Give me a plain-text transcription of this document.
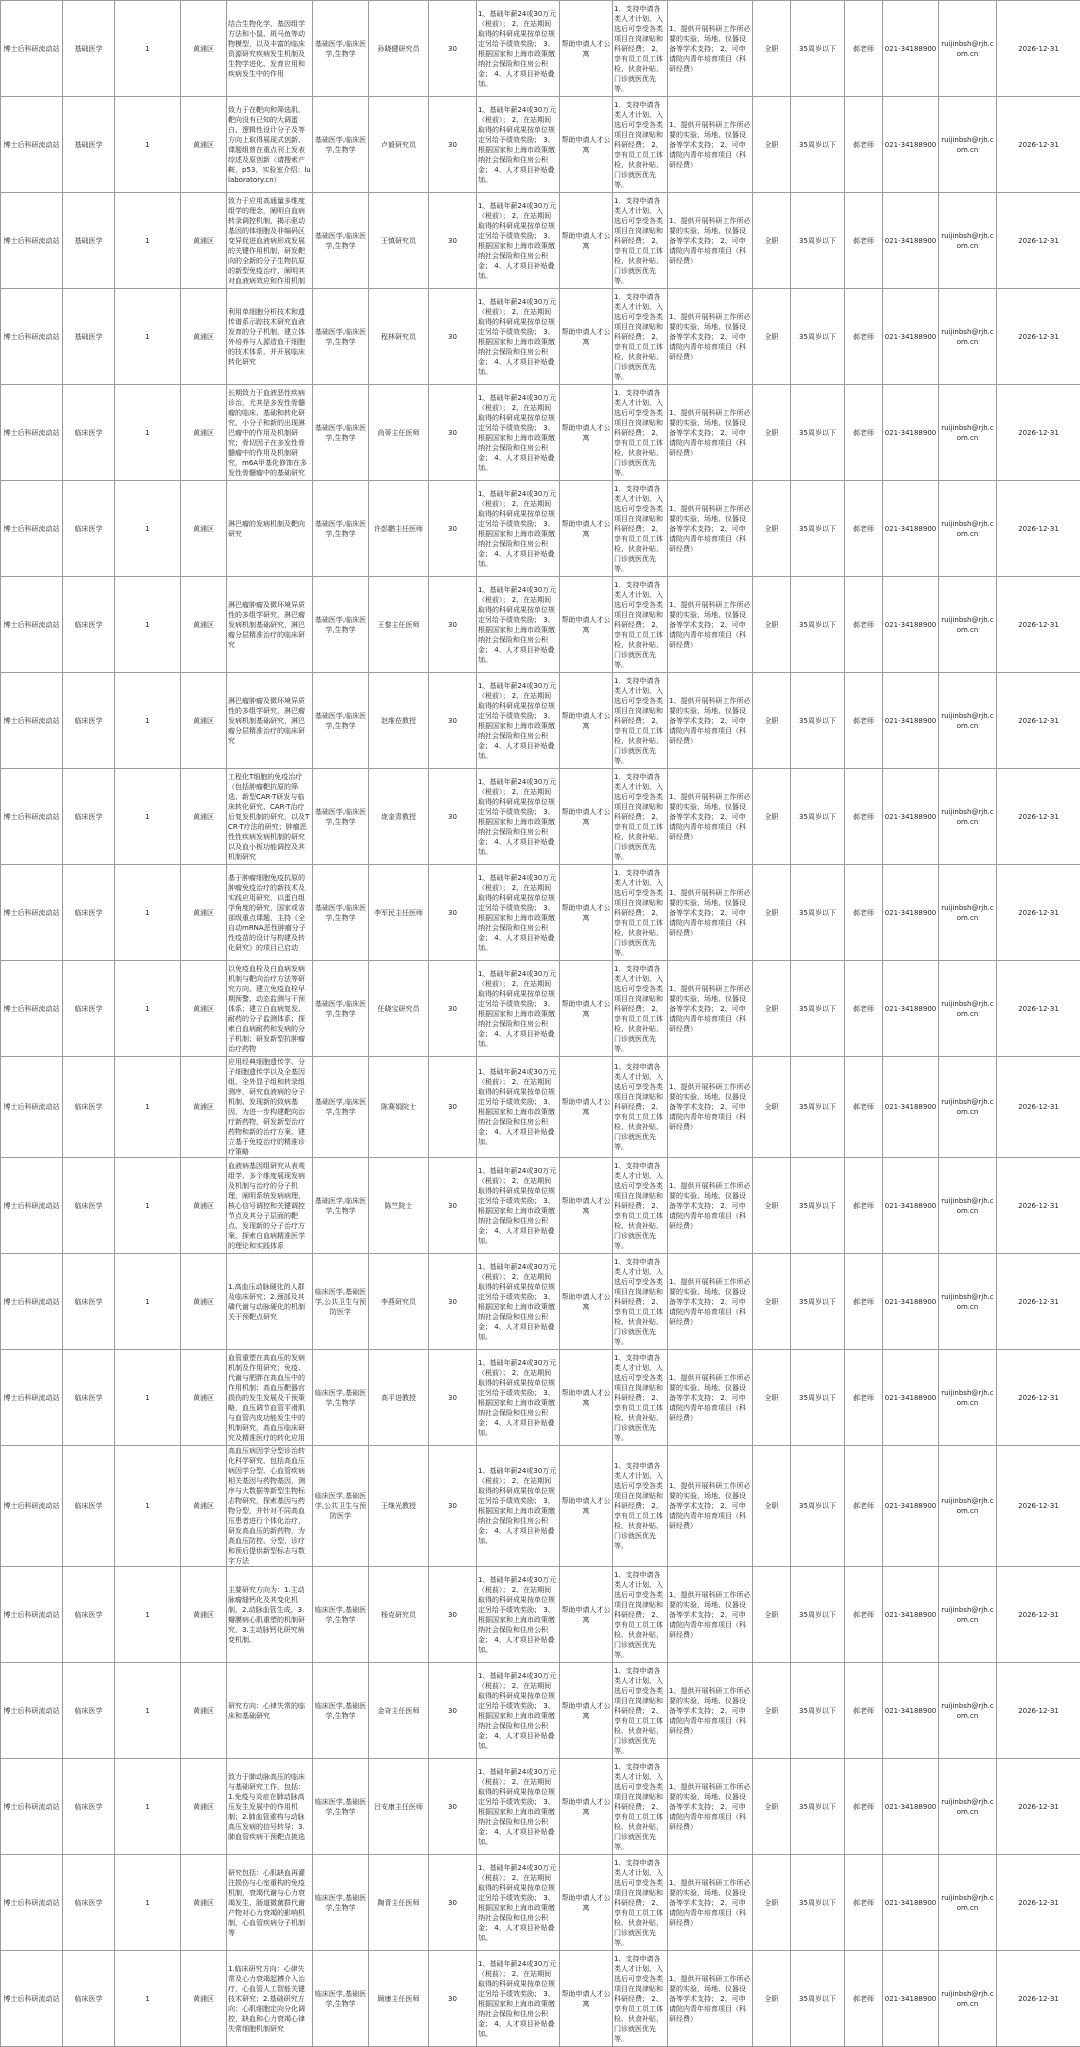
博士后科研流动站	基础医学	1	黄浦区	结合生物化学、基因组学方法和小鼠、斑马鱼等动物模型，以及丰富的临床资源研究疾病发生机制及生物学进化、发育应用和疾病发生中的作用	基础医学,临床医学,生物学	孙晓健研究员	30	1、基础年薪24或30万元（税前）； 2、在站期间取得的科研成果按单位规定另给予绩效奖励； 3、根据国家和上海市政策缴纳社会保险和住房公积金； 4、人才项目补贴叠加。	帮助申请人才公寓	1、支持申请各类人才计划、入选后可享受各类项目在岗津贴和科研经费； 2、享有员工员工体检、伙食补贴、门诊就医优先等。	1、提供开展科研工作所必要的实验、场地、仪器设备等学术支持； 2、可申请院内青年培育项目（科研经费）	全职	35周岁以下	郝老师	021-34188900	ruijinbsh@rjh.com.cn	2026-12-31
博士后科研流动站	基础医学	1	黄浦区	致力于在靶向和筛选肌、靶向没有已知的大调蛋白、逻辑性设计分子及等方向上取得展现式创新、课题组曾在重点刊上发表综述及原创新（请搜索产鞍，p53、实验室介绍：lulaboratory.cn）	基础医学,临床医学,生物学	卢毅研究员	30	1、基础年薪24或30万元（税前）； 2、在站期间取得的科研成果按单位规定另给予绩效奖励； 3、根据国家和上海市政策缴纳社会保险和住房公积金； 4、人才项目补贴叠加。	帮助申请人才公寓	1、支持申请各类人才计划、入选后可享受各类项目在岗津贴和科研经费； 2、享有员工员工体检、伙食补贴、门诊就医优先等。	1、提供开展科研工作所必要的实验、场地、仪器设备等学术支持； 2、可申请院内青年培育项目（科研经费）	全职	35周岁以下	郝老师	021-34188900	ruijinbsh@rjh.com.cn	2026-12-31
博士后科研流动站	基础医学	1	黄浦区	致力于应用高通量多维度组学的理念，阐明自血病转录调控机制、揭示驱动基因的体细胞及非编码区变异促进血液病形成发展的关键作用机制、研发靶向的全新的分子生物抗原的新型免疫治疗、阐明其对血液病效应和作用机制	基础医学,临床医学,生物学	王慎研究员	30	1、基础年薪24或30万元（税前）； 2、在站期间取得的科研成果按单位规定另给予绩效奖励； 3、根据国家和上海市政策缴纳社会保险和住房公积金； 4、人才项目补贴叠加。	帮助申请人才公寓	1、支持申请各类人才计划、入选后可享受各类项目在岗津贴和科研经费； 2、享有员工员工体检、伙食补贴、门诊就医优先等。	1、提供开展科研工作所必要的实验、场地、仪器设备等学术支持； 2、可申请院内青年培育项目（科研经费）	全职	35周岁以下	郝老师	021-34188900	ruijinbsh@rjh.com.cn	2026-12-31
博士后科研流动站	基础医学	1	黄浦区	利用单细胞分析技术和遗传谱系示踪技术研究血液发育的分子机制，建立体外培养与人源造血干细胞的技术体系，并开展临床转化研究	基础医学,临床医学,生物学	程林研究员	30	1、基础年薪24或30万元（税前）； 2、在站期间取得的科研成果按单位规定另给予绩效奖励； 3、根据国家和上海市政策缴纳社会保险和住房公积金； 4、人才项目补贴叠加。	帮助申请人才公寓	1、支持申请各类人才计划、入选后可享受各类项目在岗津贴和科研经费； 2、享有员工员工体检、伙食补贴、门诊就医优先等。	1、提供开展科研工作所必要的实验、场地、仪器设备等学术支持； 2、可申请院内青年培育项目（科研经费）	全职	35周岁以下	郝老师	021-34188900	ruijinbsh@rjh.com.cn	2026-12-31
博士后科研流动站	临床医学	1	黄浦区	长期致力于血液恶性疾病诊治，尤其是多发性骨髓瘤的临床、基础和转化研究，小分子和新的出现淋巴瘤中的作用及机制研究；骨切因子在多发性骨髓瘤中的作用及机制研究，m6A甲基化修饰在多发性骨髓瘤中的基础研究	基础医学,临床医学,生物学	尚蒂主任医师	30	1、基础年薪24或30万元（税前）； 2、在站期间取得的科研成果按单位规定另给予绩效奖励； 3、根据国家和上海市政策缴纳社会保险和住房公积金； 4、人才项目补贴叠加。	帮助申请人才公寓	1、支持申请各类人才计划、入选后可享受各类项目在岗津贴和科研经费； 2、享有员工员工体检、伙食补贴、门诊就医优先等。	1、提供开展科研工作所必要的实验、场地、仪器设备等学术支持； 2、可申请院内青年培育项目（科研经费）	全职	35周岁以下	郝老师	021-34188900	ruijinbsh@rjh.com.cn	2026-12-31
博士后科研流动站	临床医学	1	黄浦区	淋巴瘤的发病机制及靶向研究	基础医学,临床医学,生物学	许彭鹏主任医师	30	1、基础年薪24或30万元（税前）； 2、在站期间取得的科研成果按单位规定另给予绩效奖励； 3、根据国家和上海市政策缴纳社会保险和住房公积金； 4、人才项目补贴叠加。	帮助申请人才公寓	1、支持申请各类人才计划、入选后可享受各类项目在岗津贴和科研经费； 2、享有员工员工体检、伙食补贴、门诊就医优先等。	1、提供开展科研工作所必要的实验、场地、仪器设备等学术支持； 2、可申请院内青年培育项目（科研经费）	全职	35周岁以下	郝老师	021-34188900	ruijinbsh@rjh.com.cn	2026-12-31
博士后科研流动站	临床医学	1	黄浦区	淋巴瘤肿瘤及微环境异质性的多组学研究，淋巴瘤发病机制基础研究，淋巴瘤分层精准治疗的临床研究	基础医学,临床医学,生物学	王黎主任医师	30	1、基础年薪24或30万元（税前）； 2、在站期间取得的科研成果按单位规定另给予绩效奖励； 3、根据国家和上海市政策缴纳社会保险和住房公积金； 4、人才项目补贴叠加。	帮助申请人才公寓	1、支持申请各类人才计划、入选后可享受各类项目在岗津贴和科研经费； 2、享有员工员工体检、伙食补贴、门诊就医优先等。	1、提供开展科研工作所必要的实验、场地、仪器设备等学术支持； 2、可申请院内青年培育项目（科研经费）	全职	35周岁以下	郝老师	021-34188900	ruijinbsh@rjh.com.cn	2026-12-31
博士后科研流动站	临床医学	1	黄浦区	淋巴瘤肿瘤及微环境异质性的多组学研究，淋巴瘤发病机制基础研究，淋巴瘤分层精准治疗的临床研究	基础医学,临床医学,生物学	赵维莅教授	30	1、基础年薪24或30万元（税前）； 2、在站期间取得的科研成果按单位规定另给予绩效奖励； 3、根据国家和上海市政策缴纳社会保险和住房公积金； 4、人才项目补贴叠加。	帮助申请人才公寓	1、支持申请各类人才计划、入选后可享受各类项目在岗津贴和科研经费； 2、享有员工员工体检、伙食补贴、门诊就医优先等。	1、提供开展科研工作所必要的实验、场地、仪器设备等学术支持； 2、可申请院内青年培育项目（科研经费）	全职	35周岁以下	郝老师	021-34188900	ruijinbsh@rjh.com.cn	2026-12-31
博士后科研流动站	临床医学	1	黄浦区	工程化T细胞的免疫治疗（包括肿瘤靶抗原的筛选、新型CAR-T研发与临床转化研究、CAR-T治疗后复发机制的研究，以及TCR-T疗法的研究；肿瘤恶性性疾病发病机制的研究以及血小板功能调控及其机制研究	基础医学,临床医学,生物学	庞奎青教授	30	1、基础年薪24或30万元（税前）； 2、在站期间取得的科研成果按单位规定另给予绩效奖励； 3、根据国家和上海市政策缴纳社会保险和住房公积金； 4、人才项目补贴叠加。	帮助申请人才公寓	1、支持申请各类人才计划、入选后可享受各类项目在岗津贴和科研经费； 2、享有员工员工体检、伙食补贴、门诊就医优先等。	1、提供开展科研工作所必要的实验、场地、仪器设备等学术支持； 2、可申请院内青年培育项目（科研经费）	全职	35周岁以下	郝老师	021-34188900	ruijinbsh@rjh.com.cn	2026-12-31
博士后科研流动站	临床医学	1	黄浦区	基于肿瘤细胞免疫抗原的肿瘤免疫治疗的新技术及实践应用研究，以蛋白组学角度的研究，国家或省部级重点课题，主持《全自动mRNA恶性肿瘤分子性疫苗的设计与构建及转化研究》的项目已启动	基础医学,临床医学,生物学	李军民主任医师	30	1、基础年薪24或30万元（税前）； 2、在站期间取得的科研成果按单位规定另给予绩效奖励； 3、根据国家和上海市政策缴纳社会保险和住房公积金； 4、人才项目补贴叠加。	帮助申请人才公寓	1、支持申请各类人才计划、入选后可享受各类项目在岗津贴和科研经费； 2、享有员工员工体检、伙食补贴、门诊就医优先等。	1、提供开展科研工作所必要的实验、场地、仪器设备等学术支持； 2、可申请院内青年培育项目（科研经费）	全职	35周岁以下	郝老师	021-34188900	ruijinbsh@rjh.com.cn	2026-12-31
博士后科研流动站	临床医学	1	黄浦区	以免疫血栓及白血病发病机制与靶向治疗方法等研究方向、建立免疫血栓早期预警、动态监测与干预体系；建立白血病复发、耐药的分子监测体系；探索白血病耐药和发病的分子机制；研发新型抗肿瘤治疗药物	基础医学,临床医学,生物学	任晓宝研究员	30	1、基础年薪24或30万元（税前）； 2、在站期间取得的科研成果按单位规定另给予绩效奖励； 3、根据国家和上海市政策缴纳社会保险和住房公积金； 4、人才项目补贴叠加。	帮助申请人才公寓	1、支持申请各类人才计划、入选后可享受各类项目在岗津贴和科研经费； 2、享有员工员工体检、伙食补贴、门诊就医优先等。	1、提供开展科研工作所必要的实验、场地、仪器设备等学术支持； 2、可申请院内青年培育项目（科研经费）	全职	35周岁以下	郝老师	021-34188900	ruijinbsh@rjh.com.cn	2026-12-31
博士后科研流动站	临床医学	1	黄浦区	应用经典细胞遗传学、分子细胞遗传学以及全基因组、全外显子组和转录组测序，研究血液病的分子机制、发现新的致病基因，为进一步构建靶向治疗新药物，研发新型治疗药物和新的治疗方案，建立基于免疫治疗的精准诊疗策略	基础医学,临床医学,生物学	陈赛娟院士	30	1、基础年薪24或30万元（税前）； 2、在站期间取得的科研成果按单位规定另给予绩效奖励； 3、根据国家和上海市政策缴纳社会保险和住房公积金； 4、人才项目补贴叠加。	帮助申请人才公寓	1、支持申请各类人才计划、入选后可享受各类项目在岗津贴和科研经费； 2、享有员工员工体检、伙食补贴、门诊就医优先等。	1、提供开展科研工作所必要的实验、场地、仪器设备等学术支持； 2、可申请院内青年培育项目（科研经费）	全职	35周岁以下	郝老师	021-34188900	ruijinbsh@rjh.com.cn	2026-12-31
博士后科研流动站	临床医学	1	黄浦区	血液病基因组研究从表观组学、多个维度展现发病及机制与治疗的分子机理，阐明系统发病病理、核心信号调控和关键调控节点及其分子层面的靶点、发现新的分子治疗方案，探索白血病精准医学的理论和实践体系	基础医学,临床医学,生物学	陈竺院士	30	1、基础年薪24或30万元（税前）； 2、在站期间取得的科研成果按单位规定另给予绩效奖励； 3、根据国家和上海市政策缴纳社会保险和住房公积金； 4、人才项目补贴叠加。	帮助申请人才公寓	1、支持申请各类人才计划、入选后可享受各类项目在岗津贴和科研经费； 2、享有员工员工体检、伙食补贴、门诊就医优先等。	1、提供开展科研工作所必要的实验、场地、仪器设备等学术支持； 2、可申请院内青年培育项目（科研经费）	全职	35周岁以下	郝老师	021-34188900	ruijinbsh@rjh.com.cn	2026-12-31
博士后科研流动站	临床医学	1	黄浦区	1.高血压动脉硬化的人群及临床研究；2.颈部及其磷代谢与动脉硬化的机制关于预靶点研究	临床医学,基础医学,公共卫生与预防医学	李燕研究员	30	1、基础年薪24或30万元（税前）； 2、在站期间取得的科研成果按单位规定另给予绩效奖励； 3、根据国家和上海市政策缴纳社会保险和住房公积金； 4、人才项目补贴叠加。	帮助申请人才公寓	1、支持申请各类人才计划、入选后可享受各类项目在岗津贴和科研经费； 2、享有员工员工体检、伙食补贴、门诊就医优先等。	1、提供开展科研工作所必要的实验、场地、仪器设备等学术支持； 2、可申请院内青年培育项目（科研经费）	全职	35周岁以下	郝老师	021-34188900	ruijinbsh@rjh.com.cn	2026-12-31
博士后科研流动站	临床医学	1	黄浦区	血管重塑在高血压的发病机制及作用研究；免疫、代谢与肥胖在高血压中的作用机制；高血压靶器官损伤的发生发展及干预策略，血压调节血管平滑肌与血管内皮功能发生中的机制研究，高血压临床研究及精准医疗的转化应用	临床医学,基础医学,生物学	高平进教授	30	1、基础年薪24或30万元（税前）； 2、在站期间取得的科研成果按单位规定另给予绩效奖励； 3、根据国家和上海市政策缴纳社会保险和住房公积金； 4、人才项目补贴叠加。	帮助申请人才公寓	1、支持申请各类人才计划、入选后可享受各类项目在岗津贴和科研经费； 2、享有员工员工体检、伙食补贴、门诊就医优先等。	1、提供开展科研工作所必要的实验、场地、仪器设备等学术支持； 2、可申请院内青年培育项目（科研经费）	全职	35周岁以下	郝老师	021-34188900	ruijinbsh@rjh.com.cn	2026-12-31
博士后科研流动站	临床医学	1	黄浦区	高血压病因学分型诊治转化科学研究，包括高血压病因学分型、心血管疾病相关基因与药物基因，测序与大数据等新型生物标志物研究，探索基因与药物分型，并针对不同高血压患者进行个体化治疗，研发高血压的新药物，为高血压防控、分型、诊疗和预后提供新型标志与数字方法	临床医学,基础医学,公共卫生与预防医学	王继光教授	30	1、基础年薪24或30万元（税前）； 2、在站期间取得的科研成果按单位规定另给予绩效奖励； 3、根据国家和上海市政策缴纳社会保险和住房公积金； 4、人才项目补贴叠加。	帮助申请人才公寓	1、支持申请各类人才计划、入选后可享受各类项目在岗津贴和科研经费； 2、享有员工员工体检、伙食补贴、门诊就医优先等。	1、提供开展科研工作所必要的实验、场地、仪器设备等学术支持； 2、可申请院内青年培育项目（科研经费）	全职	35周岁以下	郝老师	021-34188900	ruijinbsh@rjh.com.cn	2026-12-31
博士后科研流动站	临床医学	1	黄浦区	主要研究方向为：1.主动脉瘤缝钙化及其变化机制，2.动脉血管生成，3.瓣膜病心肌重塑的机制研究，3.主动脉钙化研究病变机制。	临床医学,基础医学,生物学	杨克研究员	30	1、基础年薪24或30万元（税前）； 2、在站期间取得的科研成果按单位规定另给予绩效奖励； 3、根据国家和上海市政策缴纳社会保险和住房公积金； 4、人才项目补贴叠加。	帮助申请人才公寓	1、支持申请各类人才计划、入选后可享受各类项目在岗津贴和科研经费； 2、享有员工员工体检、伙食补贴、门诊就医优先等。	1、提供开展科研工作所必要的实验、场地、仪器设备等学术支持； 2、可申请院内青年培育项目（科研经费）	全职	35周岁以下	郝老师	021-34188900	ruijinbsh@rjh.com.cn	2026-12-31
博士后科研流动站	临床医学	1	黄浦区	研究方向：心律失常的临床和基础研究	临床医学,基础医学,生物学	金奇主任医师	30	1、基础年薪24或30万元（税前）； 2、在站期间取得的科研成果按单位规定另给予绩效奖励； 3、根据国家和上海市政策缴纳社会保险和住房公积金； 4、人才项目补贴叠加。	帮助申请人才公寓	1、支持申请各类人才计划、入选后可享受各类项目在岗津贴和科研经费； 2、享有员工员工体检、伙食补贴、门诊就医优先等。	1、提供开展科研工作所必要的实验、场地、仪器设备等学术支持； 2、可申请院内青年培育项目（科研经费）	全职	35周岁以下	郝老师	021-34188900	ruijinbsh@rjh.com.cn	2026-12-31
博士后科研流动站	临床医学	1	黄浦区	致力于肺动脉高压的临床与基础研究工作，包括：1.免疫与炎症在肺动脉高压发生发展中的作用机制；2.肺血管重构与动脉高压发病的信号转导；3.肺血管疾病干预靶点挑选	临床医学,基础医学,生物学	吕安康主任医师	30	1、基础年薪24或30万元（税前）； 2、在站期间取得的科研成果按单位规定另给予绩效奖励； 3、根据国家和上海市政策缴纳社会保险和住房公积金； 4、人才项目补贴叠加。	帮助申请人才公寓	1、支持申请各类人才计划、入选后可享受各类项目在岗津贴和科研经费； 2、享有员工员工体检、伙食补贴、门诊就医优先等。	1、提供开展科研工作所必要的实验、场地、仪器设备等学术支持； 2、可申请院内青年培育项目（科研经费）	全职	35周岁以下	郝老师	021-34188900	ruijinbsh@rjh.com.cn	2026-12-31
博士后科研流动站	临床医学	1	黄浦区	研究包括：心肌缺血再灌注损伤与心室重构的免疫机制，衰竭代谢与心力衰竭发生、肠道微菌群代谢产物对心力衰竭的影响机制，心血管疾病分子机制等	临床医学,基础医学,生物学	陶青主任医师	30	1、基础年薪24或30万元（税前）； 2、在站期间取得的科研成果按单位规定另给予绩效奖励； 3、根据国家和上海市政策缴纳社会保险和住房公积金； 4、人才项目补贴叠加。	帮助申请人才公寓	1、支持申请各类人才计划、入选后可享受各类项目在岗津贴和科研经费； 2、享有员工员工体检、伙食补贴、门诊就医优先等。	1、提供开展科研工作所必要的实验、场地、仪器设备等学术支持； 2、可申请院内青年培育项目（科研经费）	全职	35周岁以下	郝老师	021-34188900	ruijinbsh@rjh.com.cn	2026-12-31
博士后科研流动站	临床医学	1	黄浦区	1.临床研究方向：心律失常及心力衰竭起搏介入治疗，心血管人工智能关键技术研究；2.基础研究方向：心肌细胞定向分化调控，缺血和心力衰竭心律失常细胞机制研究	临床医学,基础医学,生物学	顾康主任医师	30	1、基础年薪24或30万元（税前）； 2、在站期间取得的科研成果按单位规定另给予绩效奖励； 3、根据国家和上海市政策缴纳社会保险和住房公积金； 4、人才项目补贴叠加。	帮助申请人才公寓	1、支持申请各类人才计划、入选后可享受各类项目在岗津贴和科研经费； 2、享有员工员工体检、伙食补贴、门诊就医优先等。	1、提供开展科研工作所必要的实验、场地、仪器设备等学术支持； 2、可申请院内青年培育项目（科研经费）	全职	35周岁以下	郝老师	021-34188900	ruijinbsh@rjh.com.cn	2026-12-31
